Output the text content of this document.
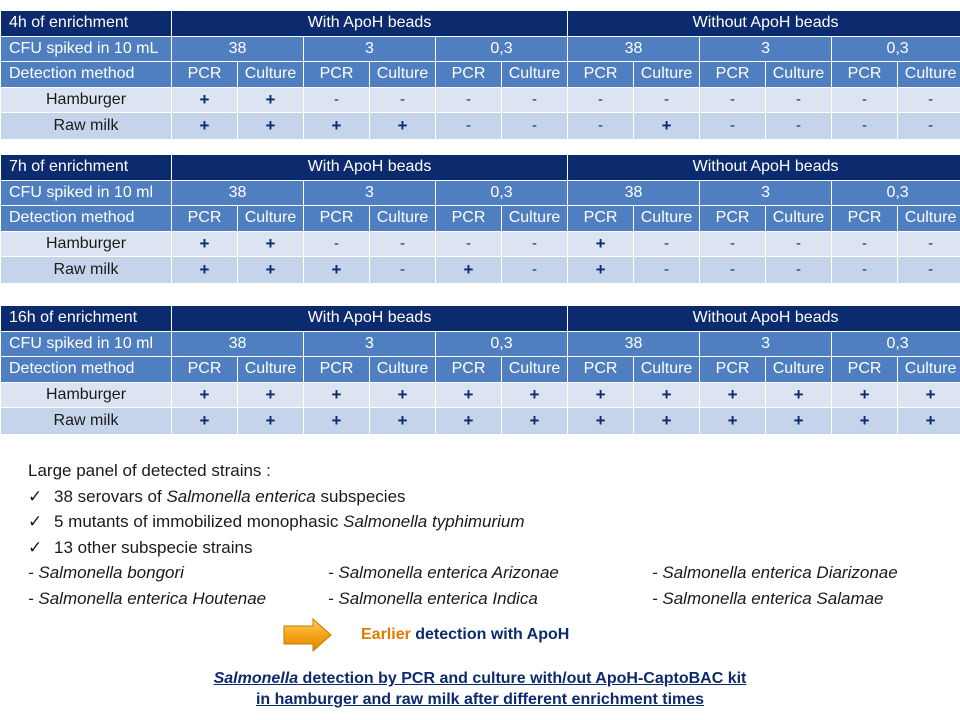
4h of enrichment	With ApoH beads						Without ApoH beads					
CFU spiked in 10 mL	38		3		0,3		38		3		0,3	
Detection method	PCR	Culture	PCR	Culture	PCR	Culture	PCR	Culture	PCR	Culture	PCR	Culture
Hamburger	+	+	-	-	-	-	-	-	-	-	-	-
Raw milk	+	+	+	+	-	-	-	+	-	-	-	-
7h of enrichment	With ApoH beads						Without ApoH beads					
CFU spiked in 10 ml	38		3		0,3		38		3		0,3	
Detection method	PCR	Culture	PCR	Culture	PCR	Culture	PCR	Culture	PCR	Culture	PCR	Culture
Hamburger	+	+	-	-	-	-	+	-	-	-	-	-
Raw milk	+	+	+	-	+	-	+	-	-	-	-	-
16h of enrichment	With ApoH beads						Without ApoH beads					
CFU spiked in 10 ml	38		3		0,3		38		3		0,3	
Detection method	PCR	Culture	PCR	Culture	PCR	Culture	PCR	Culture	PCR	Culture	PCR	Culture
Hamburger	+	+	+	+	+	+	+	+	+	+	+	+
Raw milk	+	+	+	+	+	+	+	+	+	+	+	+
Large panel of detected strains :
✓ 38 serovars of Salmonella enterica subspecies
✓ 5 mutants of immobilized monophasic Salmonella typhimurium
✓ 13 other subspecie strains
- Salmonella bongori	- Salmonella enterica Arizonae	- Salmonella enterica Diarizonae
- Salmonella enterica Houtenae	- Salmonella enterica Indica	- Salmonella enterica Salamae
Earlier detection with ApoH
Salmonella detection by PCR and culture with/out ApoH-CaptoBAC kit
in hamburger and raw milk after different enrichment times
